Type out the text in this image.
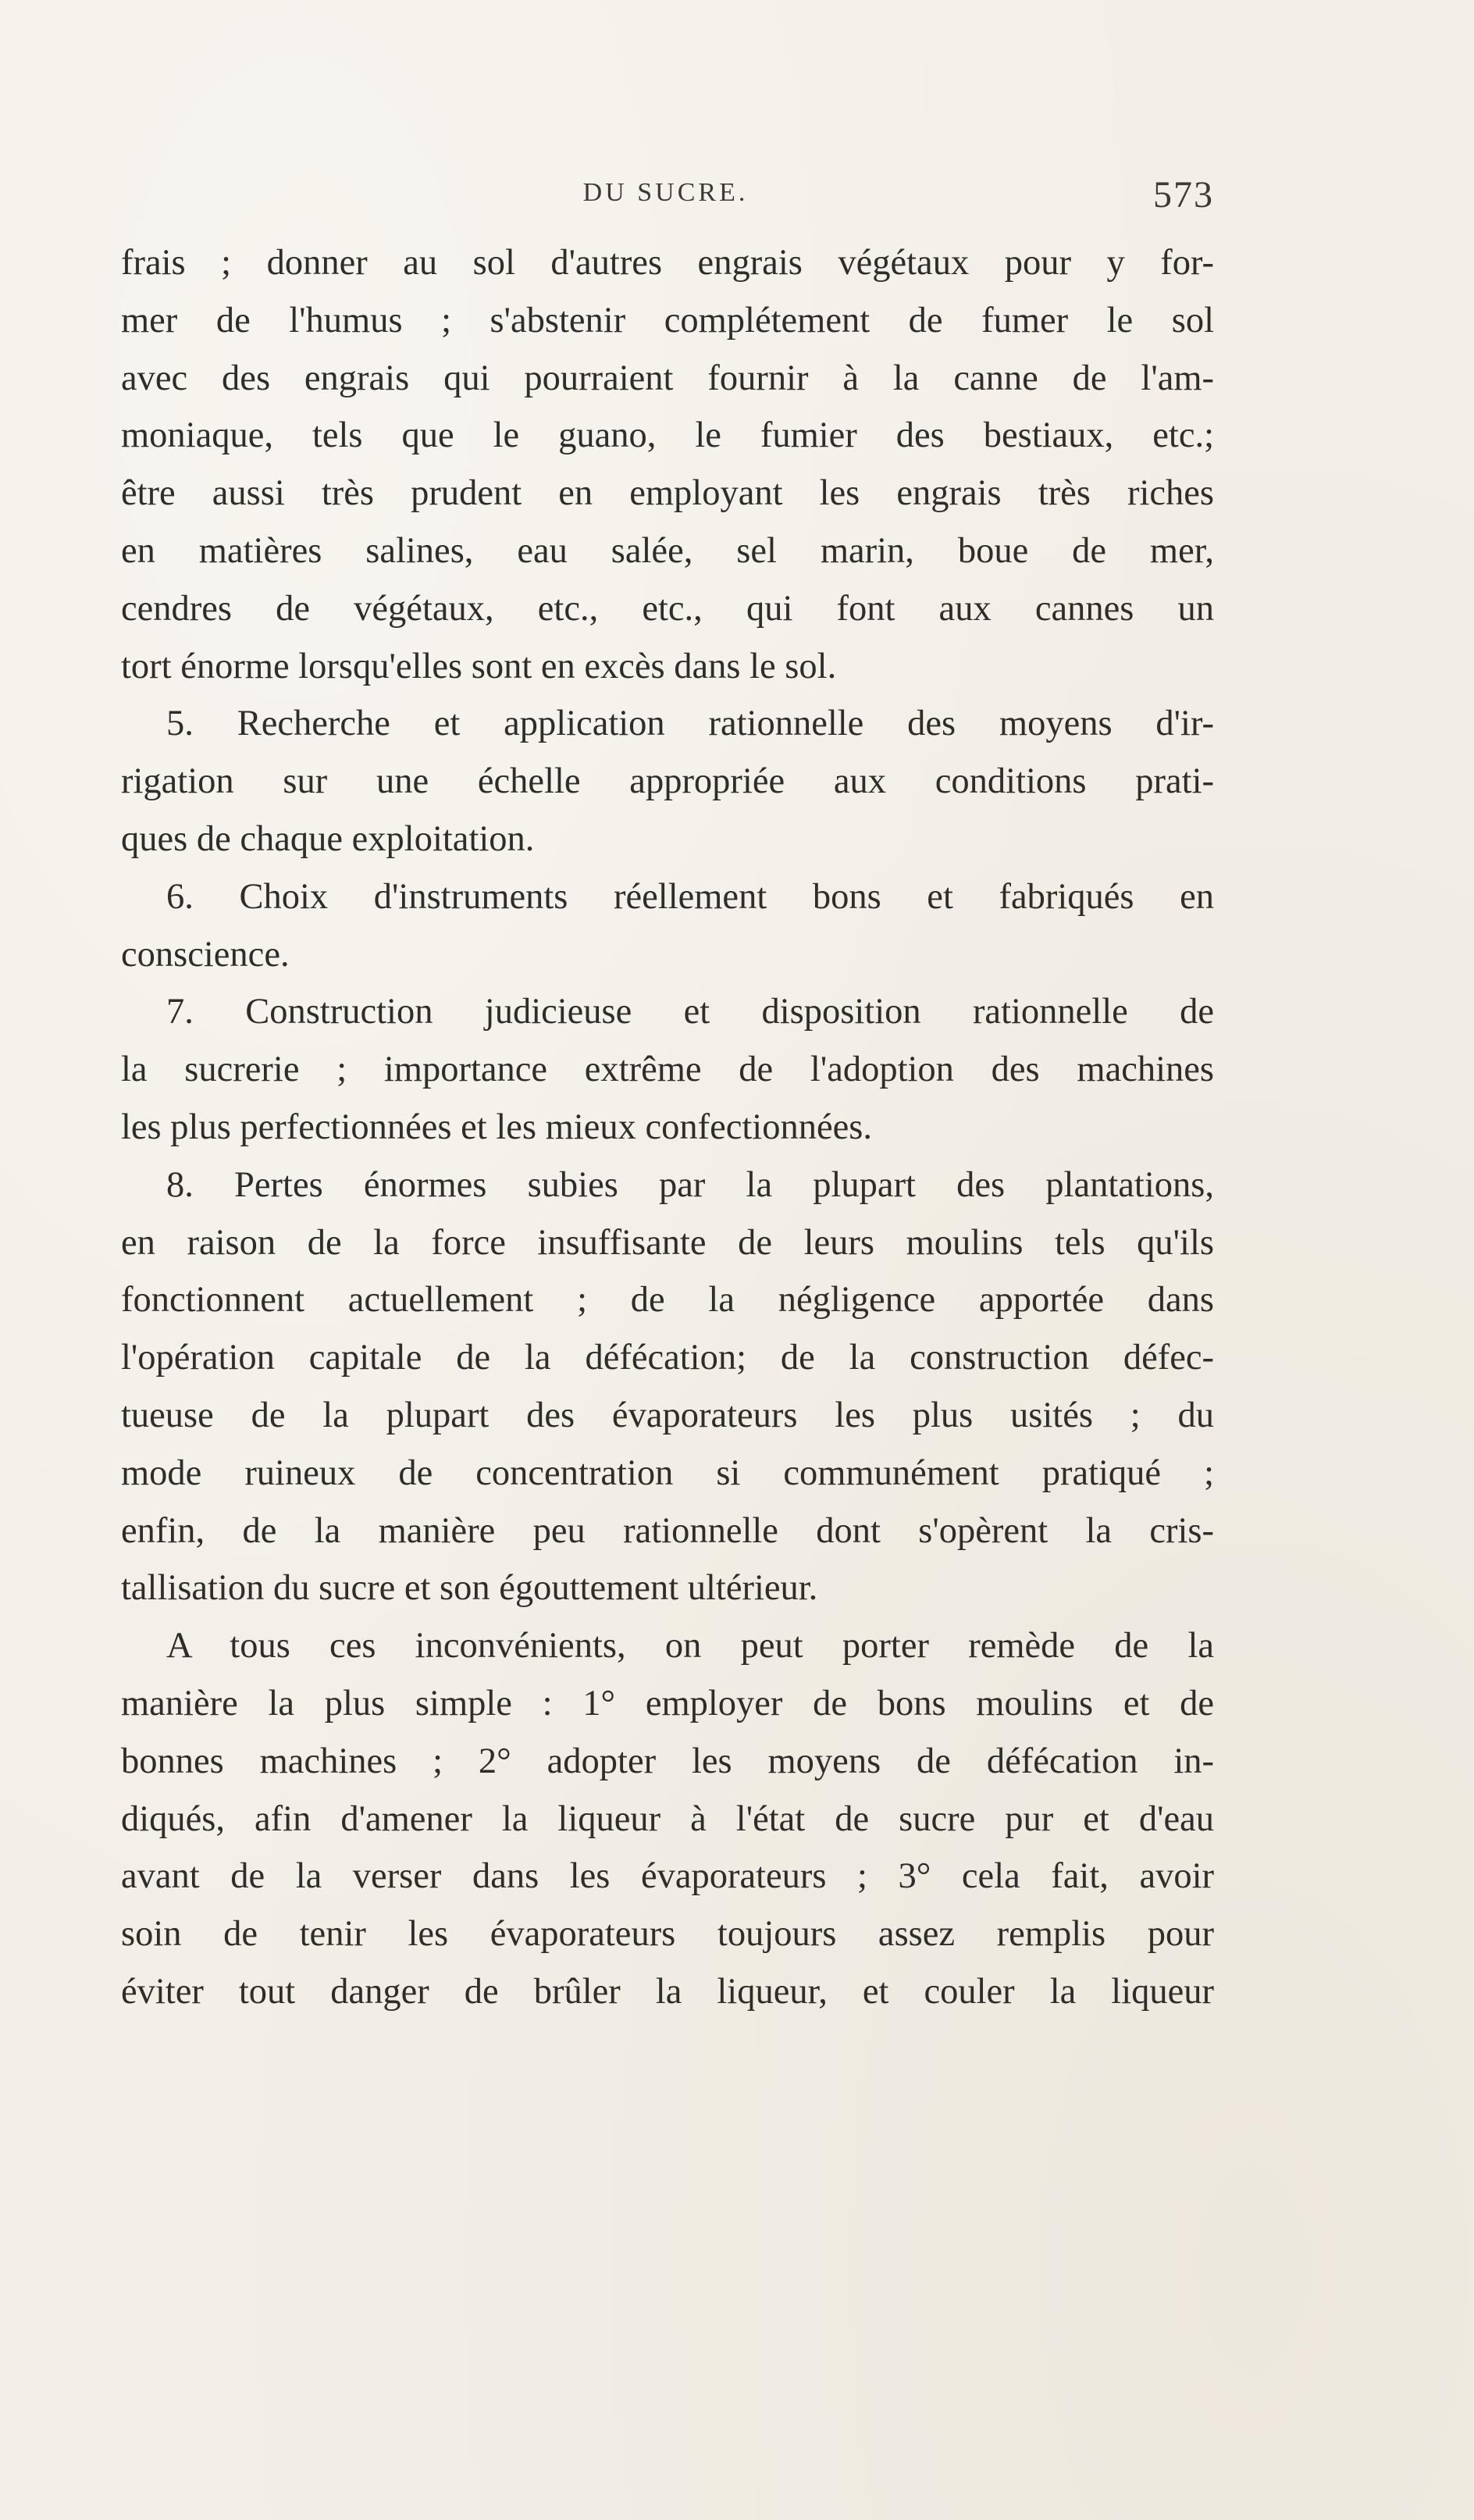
DU SUCRE.	573
frais ; donner au sol d'autres engrais végétaux pour y for-
mer de l'humus ; s'abstenir complétement de fumer le sol
avec des engrais qui pourraient fournir à la canne de l'am-
moniaque, tels que le guano, le fumier des bestiaux, etc.;
être aussi très prudent en employant les engrais très riches
en matières salines, eau salée, sel marin, boue de mer,
cendres de végétaux, etc., etc., qui font aux cannes un
tort énorme lorsqu'elles sont en excès dans le sol.
5. Recherche et application rationnelle des moyens d'ir-
rigation sur une échelle appropriée aux conditions prati-
ques de chaque exploitation.
6. Choix d'instruments réellement bons et fabriqués en
conscience.
7. Construction judicieuse et disposition rationnelle de
la sucrerie ; importance extrême de l'adoption des machines
les plus perfectionnées et les mieux confectionnées.
8. Pertes énormes subies par la plupart des plantations,
en raison de la force insuffisante de leurs moulins tels qu'ils
fonctionnent actuellement ; de la négligence apportée dans
l'opération capitale de la défécation; de la construction défec-
tueuse de la plupart des évaporateurs les plus usités ; du
mode ruineux de concentration si communément pratiqué ;
enfin, de la manière peu rationnelle dont s'opèrent la cris-
tallisation du sucre et son égouttement ultérieur.
A tous ces inconvénients, on peut porter remède de la
manière la plus simple : 1° employer de bons moulins et de
bonnes machines ; 2° adopter les moyens de défécation in-
diqués, afin d'amener la liqueur à l'état de sucre pur et d'eau
avant de la verser dans les évaporateurs ; 3° cela fait, avoir
soin de tenir les évaporateurs toujours assez remplis pour
éviter tout danger de brûler la liqueur, et couler la liqueur
